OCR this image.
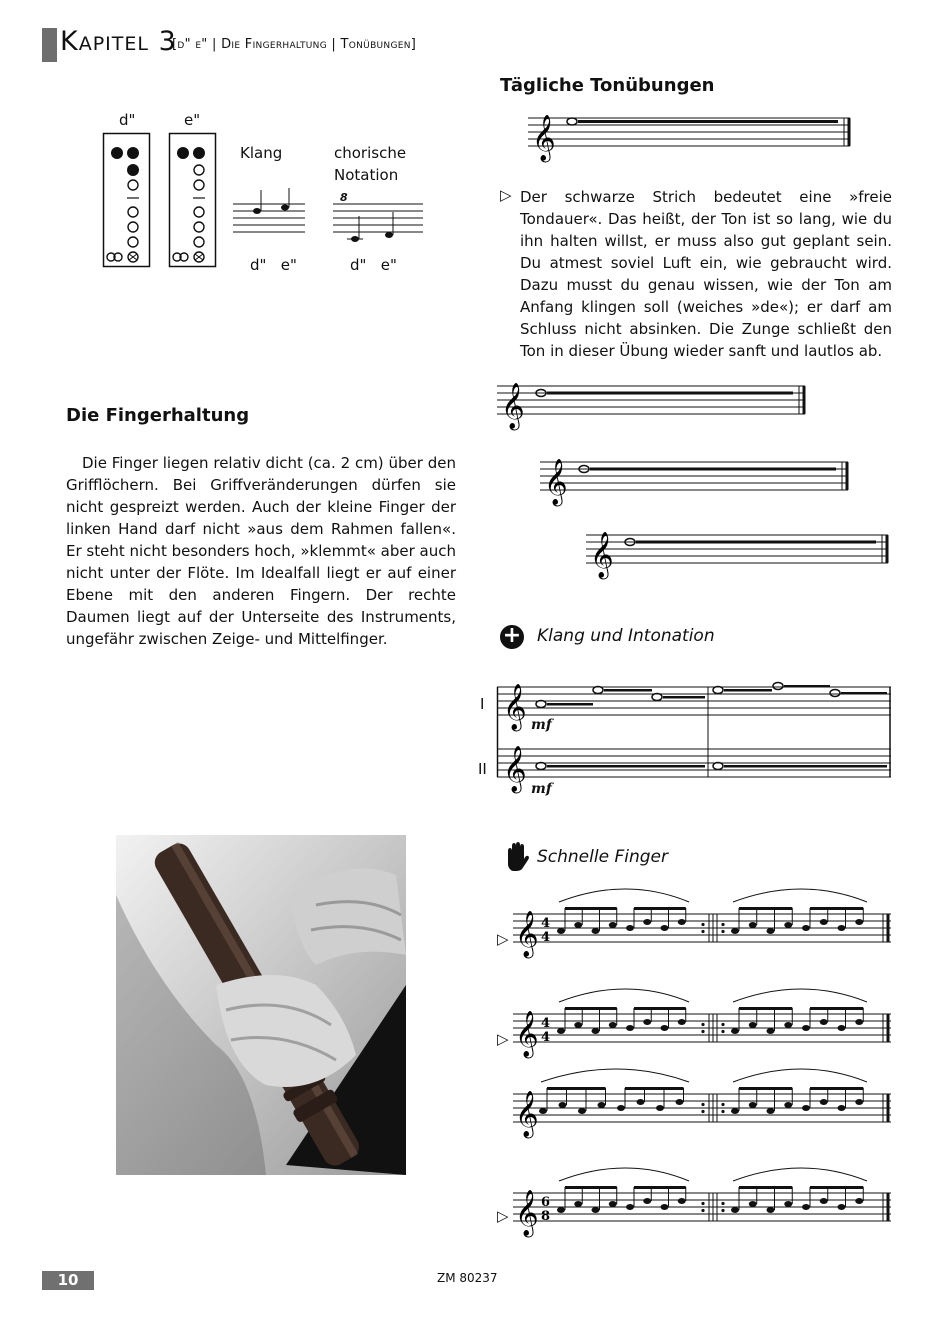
Kapitel 3
[d" e" | Die Fingerhaltung | Tonübungen]
d"	e"
Klang	chorische
Notation
8
d"   e"	d"   e"
Die Fingerhaltung
Die Finger liegen relativ dicht (ca. 2 cm) über den Grifflöchern. Bei Griffveränderungen dürfen sie nicht gespreizt werden. Auch der kleine Finger der linken Hand darf nicht »aus dem Rahmen fallen«. Er steht nicht besonders hoch, »klemmt« aber auch nicht unter der Flöte. Im Idealfall liegt er auf einer Ebene mit den anderen Fingern. Der rechte Daumen liegt auf der Unterseite des Instruments, ungefähr zwischen Zeige- und Mittelfinger.
Tägliche Tonübungen
𝄞
▷ Der schwarze Strich bedeutet eine »freie Tondauer«. Das heißt, der Ton ist so lang, wie du ihn halten willst, er muss also gut geplant sein. Du atmest soviel Luft ein, wie gebraucht wird. Dazu musst du genau wissen, wie der Ton am Anfang klingen soll (weiches »de«); er darf am Schluss nicht absinken. Die Zunge schließt den Ton in dieser Übung wieder sanft und lautlos ab.
𝄞
𝄞
𝄞
+ Klang und Intonation
I
II
𝄞
𝄞
mf
mf
Schnelle Finger
▷ 𝄞 4
4
▷ 𝄞 4
4
𝄞
▷ 𝄞 6
8
10	ZM 80237
